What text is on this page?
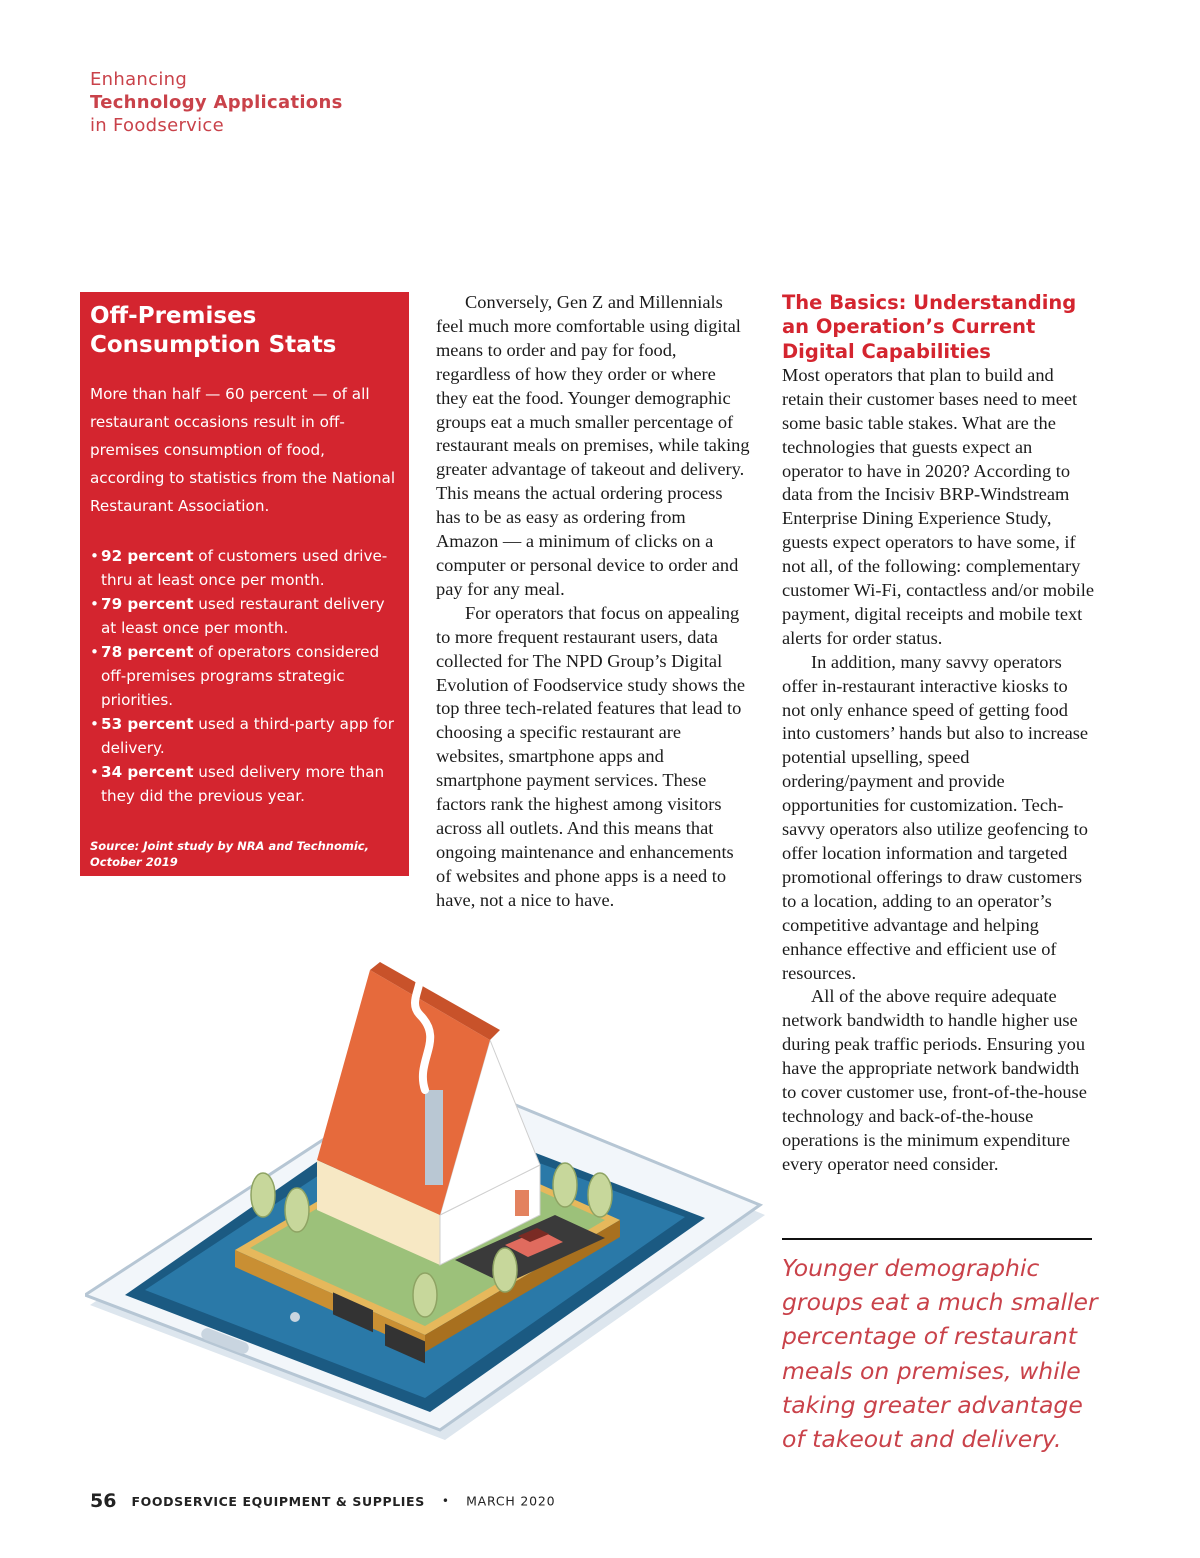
Enhancing
Technology Applications
in Foodservice
Off-Premises
Consumption Stats

More than half — 60 percent — of all restaurant occasions result in off-premises consumption of food, according to statistics from the National Restaurant Association.

• 92 percent of customers used drive-thru at least once per month.
• 79 percent used restaurant delivery at least once per month.
• 78 percent of operators considered off-premises programs strategic priorities.
• 53 percent used a third-party app for delivery.
• 34 percent used delivery more than they did the previous year.
Source: Joint study by NRA and Technomic, October 2019

Conversely, Gen Z and Millennials feel much more comfortable using digital means to order and pay for food, regardless of how they order or where they eat the food. Younger demographic groups eat a much smaller percentage of restaurant meals on premises, while taking greater advantage of takeout and delivery. This means the actual ordering process has to be as easy as ordering from Amazon — a minimum of clicks on a computer or personal device to order and pay for any meal.

For operators that focus on appealing to more frequent restaurant users, data collected for The NPD Group’s Digital Evolution of Foodservice study shows the top three tech-related features that lead to choosing a specific restaurant are websites, smartphone apps and smartphone payment services. These factors rank the highest among visitors across all outlets. And this means that ongoing maintenance and enhancements of websites and phone apps is a need to have, not a nice to have.

The Basics: Understanding an Operation’s Current Digital Capabilities

Most operators that plan to build and retain their customer bases need to meet some basic table stakes. What are the technologies that guests expect an operator to have in 2020? According to data from the Incisiv BRP-Windstream Enterprise Dining Experience Study, guests expect operators to have some, if not all, of the following: complementary customer Wi-Fi, contactless and/or mobile payment, digital receipts and mobile text alerts for order status.

In addition, many savvy operators offer in-restaurant interactive kiosks to not only enhance speed of getting food into customers’ hands but also to increase potential upselling, speed ordering/payment and provide opportunities for customization. Tech-savvy operators also utilize geofencing to offer location information and targeted promotional offerings to draw customers to a location, adding to an operator’s competitive advantage and helping enhance effective and efficient use of resources.

All of the above require adequate network bandwidth to handle higher use during peak traffic periods. Ensuring you have the appropriate network bandwidth to cover customer use, front-of-the-house technology and back-of-the-house operations is the minimum expenditure every operator need consider.

Younger demographic groups eat a much smaller percentage of restaurant meals on premises, while taking greater advantage of takeout and delivery.

56 FOODSERVICE EQUIPMENT & SUPPLIES • MARCH 2020
